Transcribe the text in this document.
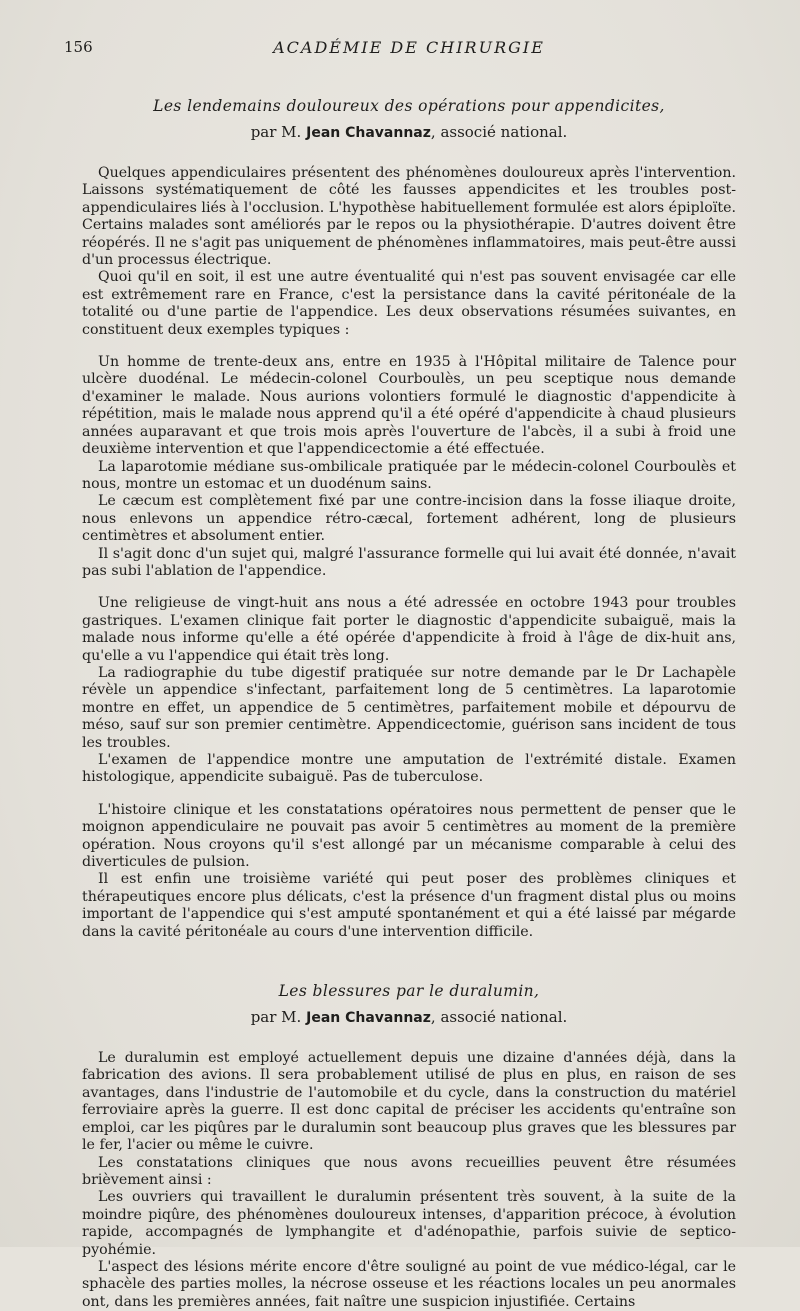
156	ACADÉMIE DE CHIRURGIE
Les lendemains douloureux des opérations pour appendicites,
par M. Jean Chavannaz, associé national.

Quelques appendiculaires présentent des phénomènes douloureux après l'intervention. Laissons systématiquement de côté les fausses appendicites et les troubles post-appendiculaires liés à l'occlusion. L'hypothèse habituellement formulée est alors épiploïte. Certains malades sont améliorés par le repos ou la physiothérapie. D'autres doivent être réopérés. Il ne s'agit pas uniquement de phénomènes inflammatoires, mais peut-être aussi d'un processus électrique.

Quoi qu'il en soit, il est une autre éventualité qui n'est pas souvent envisagée car elle est extrêmement rare en France, c'est la persistance dans la cavité péritonéale de la totalité ou d'une partie de l'appendice. Les deux observations résumées suivantes, en constituent deux exemples typiques :

Un homme de trente-deux ans, entre en 1935 à l'Hôpital militaire de Talence pour ulcère duodénal. Le médecin-colonel Courboulès, un peu sceptique nous demande d'examiner le malade. Nous aurions volontiers formulé le diagnostic d'appendicite à répétition, mais le malade nous apprend qu'il a été opéré d'appendicite à chaud plusieurs années auparavant et que trois mois après l'ouverture de l'abcès, il a subi à froid une deuxième intervention et que l'appendicectomie a été effectuée.

La laparotomie médiane sus-ombilicale pratiquée par le médecin-colonel Courboulès et nous, montre un estomac et un duodénum sains.

Le cæcum est complètement fixé par une contre-incision dans la fosse iliaque droite, nous enlevons un appendice rétro-cæcal, fortement adhérent, long de plusieurs centimètres et absolument entier.

Il s'agit donc d'un sujet qui, malgré l'assurance formelle qui lui avait été donnée, n'avait pas subi l'ablation de l'appendice.

Une religieuse de vingt-huit ans nous a été adressée en octobre 1943 pour troubles gastriques. L'examen clinique fait porter le diagnostic d'appendicite subaiguë, mais la malade nous informe qu'elle a été opérée d'appendicite à froid à l'âge de dix-huit ans, qu'elle a vu l'appendice qui était très long.

La radiographie du tube digestif pratiquée sur notre demande par le Dr Lachapèle révèle un appendice s'infectant, parfaitement long de 5 centimètres. La laparotomie montre en effet, un appendice de 5 centimètres, parfaitement mobile et dépourvu de méso, sauf sur son premier centimètre. Appendicectomie, guérison sans incident de tous les troubles.

L'examen de l'appendice montre une amputation de l'extrémité distale. Examen histologique, appendicite subaiguë. Pas de tuberculose.

L'histoire clinique et les constatations opératoires nous permettent de penser que le moignon appendiculaire ne pouvait pas avoir 5 centimètres au moment de la première opération. Nous croyons qu'il s'est allongé par un mécanisme comparable à celui des diverticules de pulsion.

Il est enfin une troisième variété qui peut poser des problèmes cliniques et thérapeutiques encore plus délicats, c'est la présence d'un fragment distal plus ou moins important de l'appendice qui s'est amputé spontanément et qui a été laissé par mégarde dans la cavité péritonéale au cours d'une intervention difficile.

Les blessures par le duralumin,
par M. Jean Chavannaz, associé national.

Le duralumin est employé actuellement depuis une dizaine d'années déjà, dans la fabrication des avions. Il sera probablement utilisé de plus en plus, en raison de ses avantages, dans l'industrie de l'automobile et du cycle, dans la construction du matériel ferroviaire après la guerre. Il est donc capital de préciser les accidents qu'entraîne son emploi, car les piqûres par le duralumin sont beaucoup plus graves que les blessures par le fer, l'acier ou même le cuivre.

Les constatations cliniques que nous avons recueillies peuvent être résumées brièvement ainsi :

Les ouvriers qui travaillent le duralumin présentent très souvent, à la suite de la moindre piqûre, des phénomènes douloureux intenses, d'apparition précoce, à évolution rapide, accompagnés de lymphangite et d'adénopathie, parfois suivie de septico-pyohémie.

L'aspect des lésions mérite encore d'être souligné au point de vue médico-légal, car le sphacèle des parties molles, la nécrose osseuse et les réactions locales un peu anormales ont, dans les premières années, fait naître une suspicion injustifiée. Certains
